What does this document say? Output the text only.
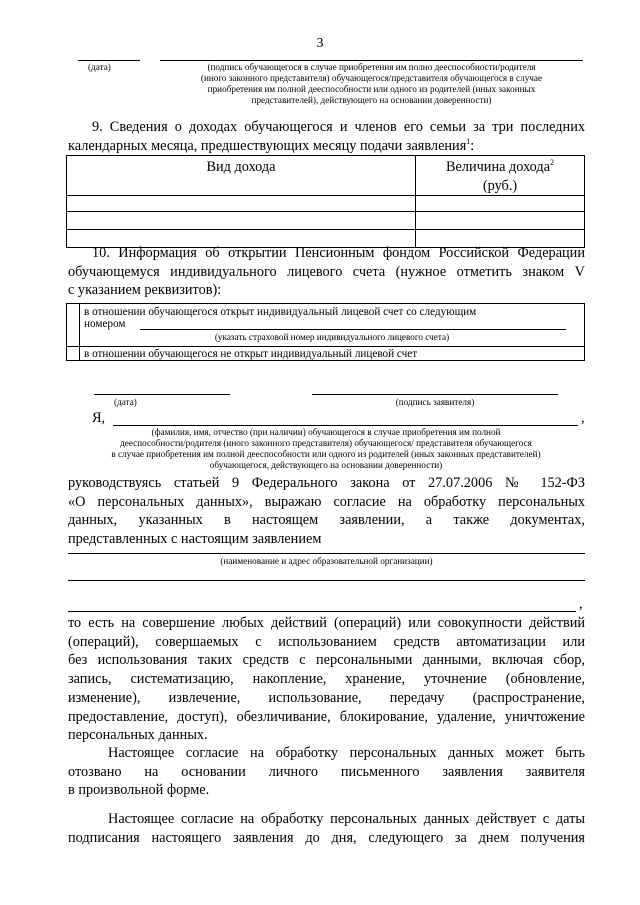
3
(дата)	(подпись обучающегося в случае приобретения им полно дееспособности/родителя
(иного законного представителя) обучающегося/представителя обучающегося в случае
приобретения им полной дееспособности или одного из родителей (иных законных
представителей), действующего на основании доверенности)
9. Сведения о доходах обучающегося и членов его семьи за три последних
календарных месяца, предшествующих месяцу подачи заявления$^1$:
Вид дохода	Величина дохода$^2$
(руб.)

10. Информация об открытии Пенсионным фондом Российской Федерации
обучающемуся индивидуального лицевого счета (нужное отметить знаком V
с указанием реквизитов):

	в отношении обучающегося открыт индивидуальный лицевой счет со следующим
номером
(указать страховой номер индивидуального лицевого счета)

	в отношении обучающегося не открыт индивидуальный лицевой счет
(дата)	(подпись заявителя)
Я,	,
(фамилия, имя, отчество (при наличии) обучающегося в случае приобретения им полной
дееспособности/родителя (иного законного представителя) обучающегося/ представителя обучающегося
в случае приобретения им полной дееспособности или одного из родителей (иных законных представителей)
обучающегося, действующего на основании доверенности)
руководствуясь статьей 9 Федерального закона от 27.07.2006 № 152-ФЗ
«О персональных данных», выражаю согласие на обработку персональных
данных, указанных в настоящем заявлении, а также документах,
представленных с настоящим заявлением
(наименование и адрес образовательной организации)
,
то есть на совершение любых действий (операций) или совокупности действий
(операций), совершаемых с использованием средств автоматизации или
без использования таких средств с персональными данными, включая сбор,
запись, систематизацию, накопление, хранение, уточнение (обновление,
изменение), извлечение, использование, передачу (распространение,
предоставление, доступ), обезличивание, блокирование, удаление, уничтожение
персональных данных.
Настоящее согласие на обработку персональных данных может быть
отозвано на основании личного письменного заявления заявителя
в произвольной форме.
Настоящее согласие на обработку персональных данных действует с даты
подписания настоящего заявления до дня, следующего за днем получения
